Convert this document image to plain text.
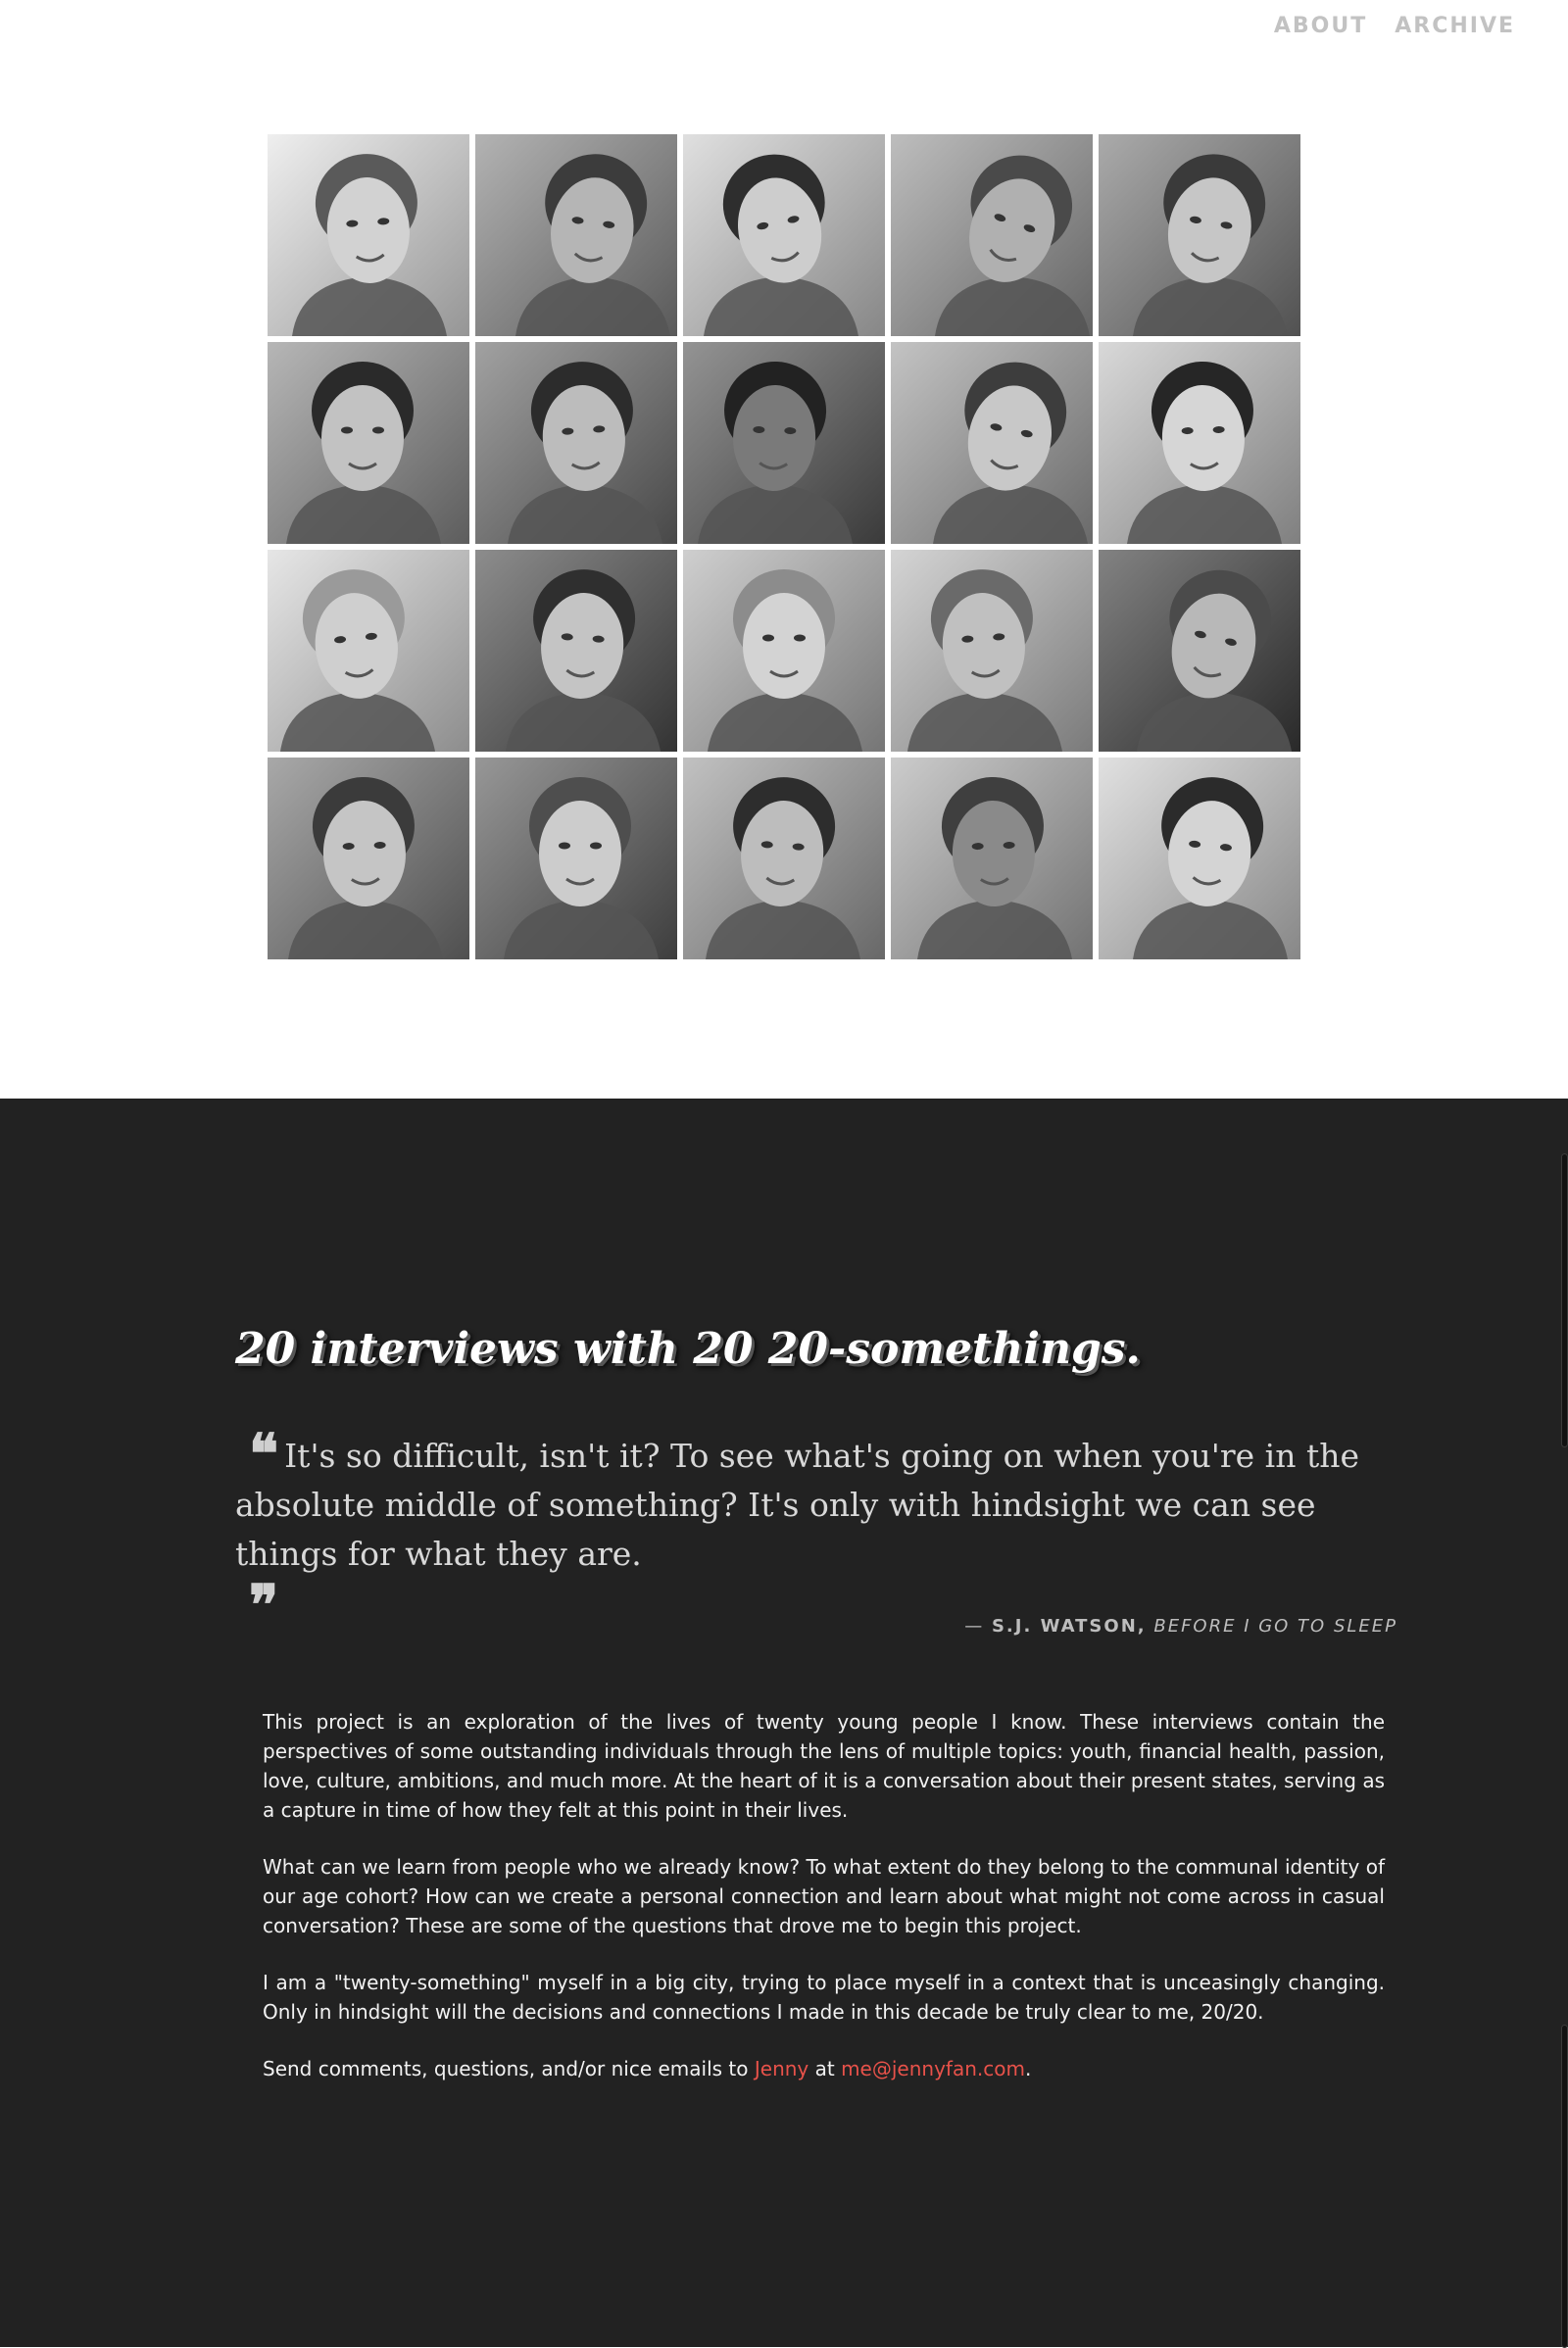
ABOUT ARCHIVE
20 interviews with 20 20-somethings.
❝ It's so difficult, isn't it? To see what's going on when you're in the absolute middle of something? It's only with hindsight we can see things for what they are.
❞	— S.J. WATSON, BEFORE I GO TO SLEEP

This project is an exploration of the lives of twenty young people I know. These interviews contain the perspectives of some outstanding individuals through the lens of multiple topics: youth, financial health, passion, love, culture, ambitions, and much more. At the heart of it is a conversation about their present states, serving as a capture in time of how they felt at this point in their lives.

What can we learn from people who we already know? To what extent do they belong to the communal identity of our age cohort? How can we create a personal connection and learn about what might not come across in casual conversation? These are some of the questions that drove me to begin this project.

I am a "twenty-something" myself in a big city, trying to place myself in a context that is unceasingly changing. Only in hindsight will the decisions and connections I made in this decade be truly clear to me, 20/20.

Send comments, questions, and/or nice emails to Jenny at me@jennyfan.com.
